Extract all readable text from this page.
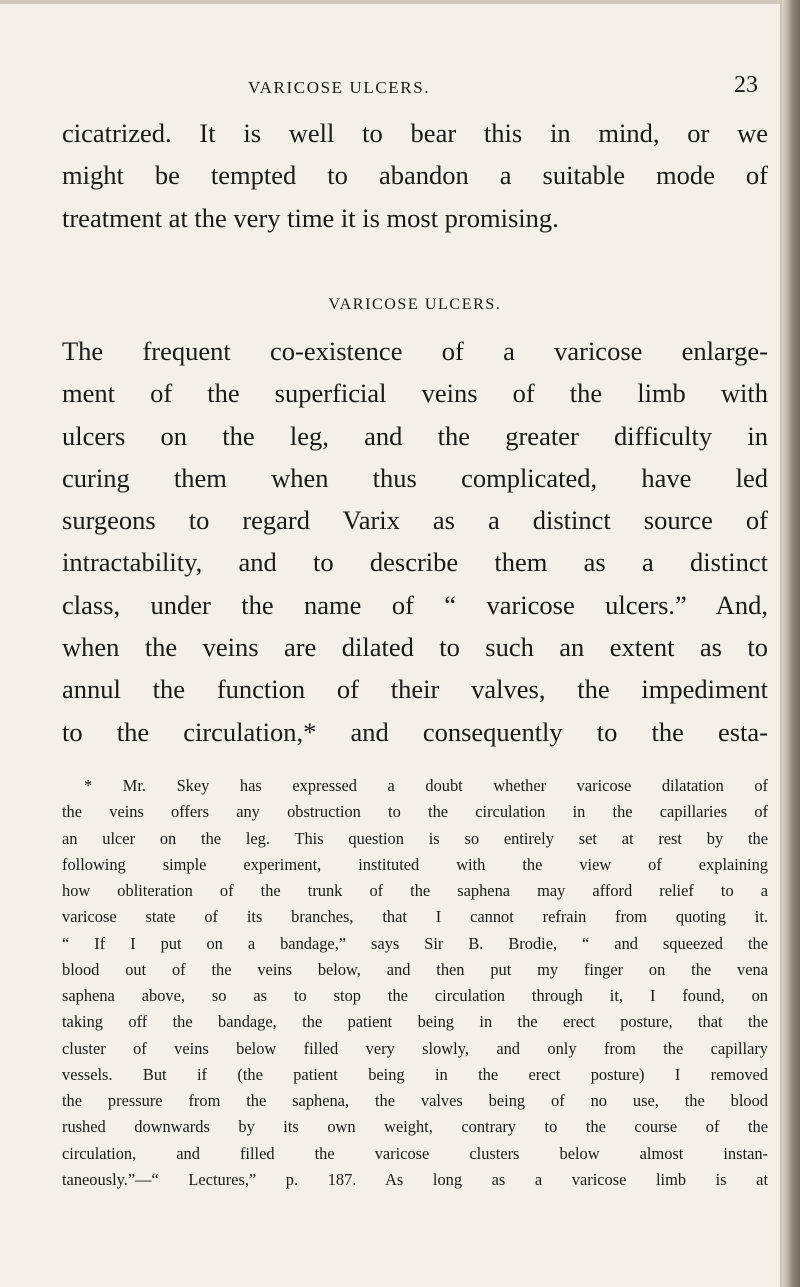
VARICOSE ULCERS.	23
cicatrized. It is well to bear this in mind, or we
might be tempted to abandon a suitable mode of
treatment at the very time it is most promising.
VARICOSE ULCERS.
The frequent co-existence of a varicose enlarge-
ment of the superficial veins of the limb with
ulcers on the leg, and the greater difficulty in
curing them when thus complicated, have led
surgeons to regard Varix as a distinct source of
intractability, and to describe them as a distinct
class, under the name of “ varicose ulcers.” And,
when the veins are dilated to such an extent as to
annul the function of their valves, the impediment
to the circulation,* and consequently to the esta-
* Mr. Skey has expressed a doubt whether varicose dilatation of
the veins offers any obstruction to the circulation in the capillaries of
an ulcer on the leg. This question is so entirely set at rest by the
following simple experiment, instituted with the view of explaining
how obliteration of the trunk of the saphena may afford relief to a
varicose state of its branches, that I cannot refrain from quoting it.
“ If I put on a bandage,” says Sir B. Brodie, “ and squeezed the
blood out of the veins below, and then put my finger on the vena
saphena above, so as to stop the circulation through it, I found, on
taking off the bandage, the patient being in the erect posture, that the
cluster of veins below filled very slowly, and only from the capillary
vessels. But if (the patient being in the erect posture) I removed
the pressure from the saphena, the valves being of no use, the blood
rushed downwards by its own weight, contrary to the course of the
circulation, and filled the varicose clusters below almost instan-
taneously.”—“ Lectures,” p. 187. As long as a varicose limb is at
